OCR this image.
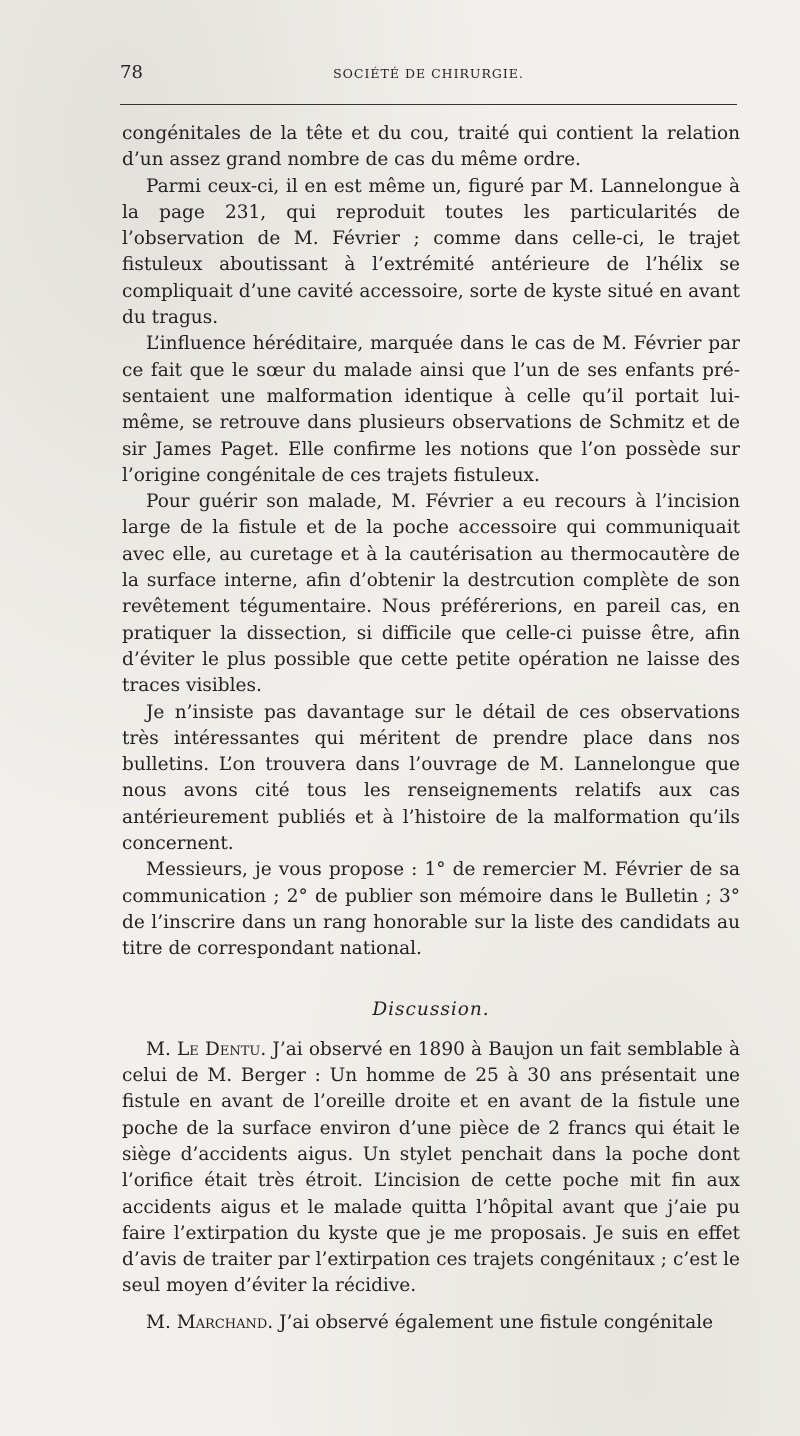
78	SOCIÉTÉ DE CHIRURGIE.

congénitales de la tête et du cou, traité qui contient la relation d’un assez grand nombre de cas du même ordre.

Parmi ceux-ci, il en est même un, figuré par M. Lannelongue à la page 231, qui reproduit toutes les particularités de l’observation de M. Février ; comme dans celle-ci, le trajet fistuleux aboutissant à l’extrémité antérieure de l’hélix se compliquait d’une cavité accessoire, sorte de kyste situé en avant du tragus.

L’influence héréditaire, marquée dans le cas de M. Février par ce fait que le sœur du malade ainsi que l’un de ses enfants présentaient une malformation identique à celle qu’il portait lui-même, se retrouve dans plusieurs observations de Schmitz et de sir James Paget. Elle confirme les notions que l’on possède sur l’origine congénitale de ces trajets fistuleux.

Pour guérir son malade, M. Février a eu recours à l’incision large de la fistule et de la poche accessoire qui communiquait avec elle, au curetage et à la cautérisation au thermocautère de la surface interne, afin d’obtenir la destrcution complète de son revêtement tégumentaire. Nous préférerions, en pareil cas, en pratiquer la dissection, si difficile que celle-ci puisse être, afin d’éviter le plus possible que cette petite opération ne laisse des traces visibles.

Je n’insiste pas davantage sur le détail de ces observations très intéressantes qui méritent de prendre place dans nos bulletins. L’on trouvera dans l’ouvrage de M. Lannelongue que nous avons cité tous les renseignements relatifs aux cas antérieurement publiés et à l’histoire de la malformation qu’ils concernent.

Messieurs, je vous propose : 1° de remercier M. Février de sa communication ; 2° de publier son mémoire dans le Bulletin ; 3° de l’inscrire dans un rang honorable sur la liste des candidats au titre de correspondant national.

Discussion.

M. Le Dentu. J’ai observé en 1890 à Baujon un fait semblable à celui de M. Berger : Un homme de 25 à 30 ans présentait une fistule en avant de l’oreille droite et en avant de la fistule une poche de la surface environ d’une pièce de 2 francs qui était le siège d’accidents aigus. Un stylet penchait dans la poche dont l’orifice était très étroit. L’incision de cette poche mit fin aux accidents aigus et le malade quitta l’hôpital avant que j’aie pu faire l’extirpation du kyste que je me proposais. Je suis en effet d’avis de traiter par l’extirpation ces trajets congénitaux ; c’est le seul moyen d’éviter la récidive.

M. Marchand. J’ai observé également une fistule congénitale
